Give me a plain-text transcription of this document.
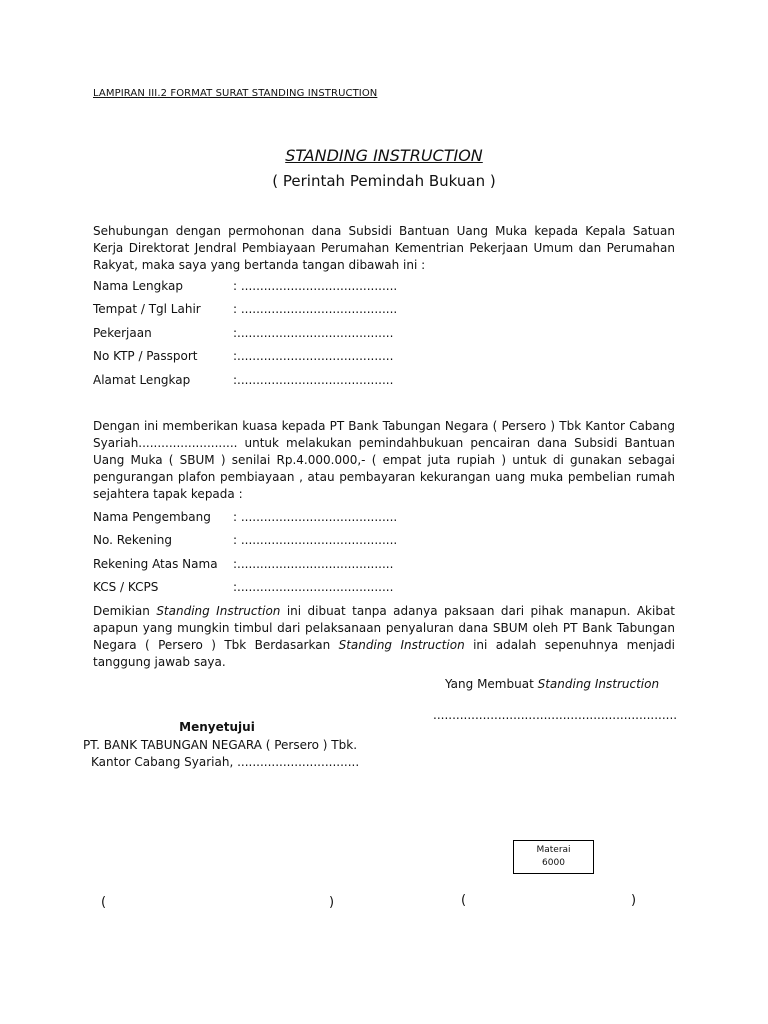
LAMPIRAN III.2 FORMAT SURAT STANDING INSTRUCTION
STANDING INSTRUCTION
( Perintah Pemindah Bukuan )
Sehubungan dengan permohonan dana Subsidi Bantuan Uang Muka kepada Kepala Satuan Kerja Direktorat Jendral Pembiayaan Perumahan Kementrian Pekerjaan Umum dan Perumahan Rakyat, maka saya yang bertanda tangan dibawah ini :
Nama Lengkap	: .........................................
Tempat / Tgl Lahir	: .........................................
Pekerjaan	:.........................................
No KTP / Passport	:.........................................
Alamat Lengkap	:.........................................
Dengan ini memberikan kuasa kepada PT Bank Tabungan Negara ( Persero ) Tbk Kantor Cabang Syariah.......................... untuk melakukan pemindahbukuan pencairan dana Subsidi Bantuan Uang Muka ( SBUM ) senilai Rp.4.000.000,- ( empat juta rupiah ) untuk di gunakan sebagai pengurangan plafon pembiayaan , atau pembayaran kekurangan uang muka pembelian rumah sejahtera tapak kepada :
Nama Pengembang : .........................................
No. Rekening	: .........................................
Rekening Atas Nama :.........................................
KCS / KCPS	:.........................................
Demikian Standing Instruction ini dibuat tanpa adanya paksaan dari pihak manapun. Akibat apapun yang mungkin timbul dari pelaksanaan penyaluran dana SBUM oleh PT Bank Tabungan Negara ( Persero ) Tbk Berdasarkan Standing Instruction ini adalah sepenuhnya menjadi tanggung jawab saya.
Yang Membuat Standing Instruction
................................................................
Menyetujui
PT. BANK TABUNGAN NEGARA ( Persero ) Tbk.
Kantor Cabang Syariah, ................................
Materai
6000
(	)	(	)
